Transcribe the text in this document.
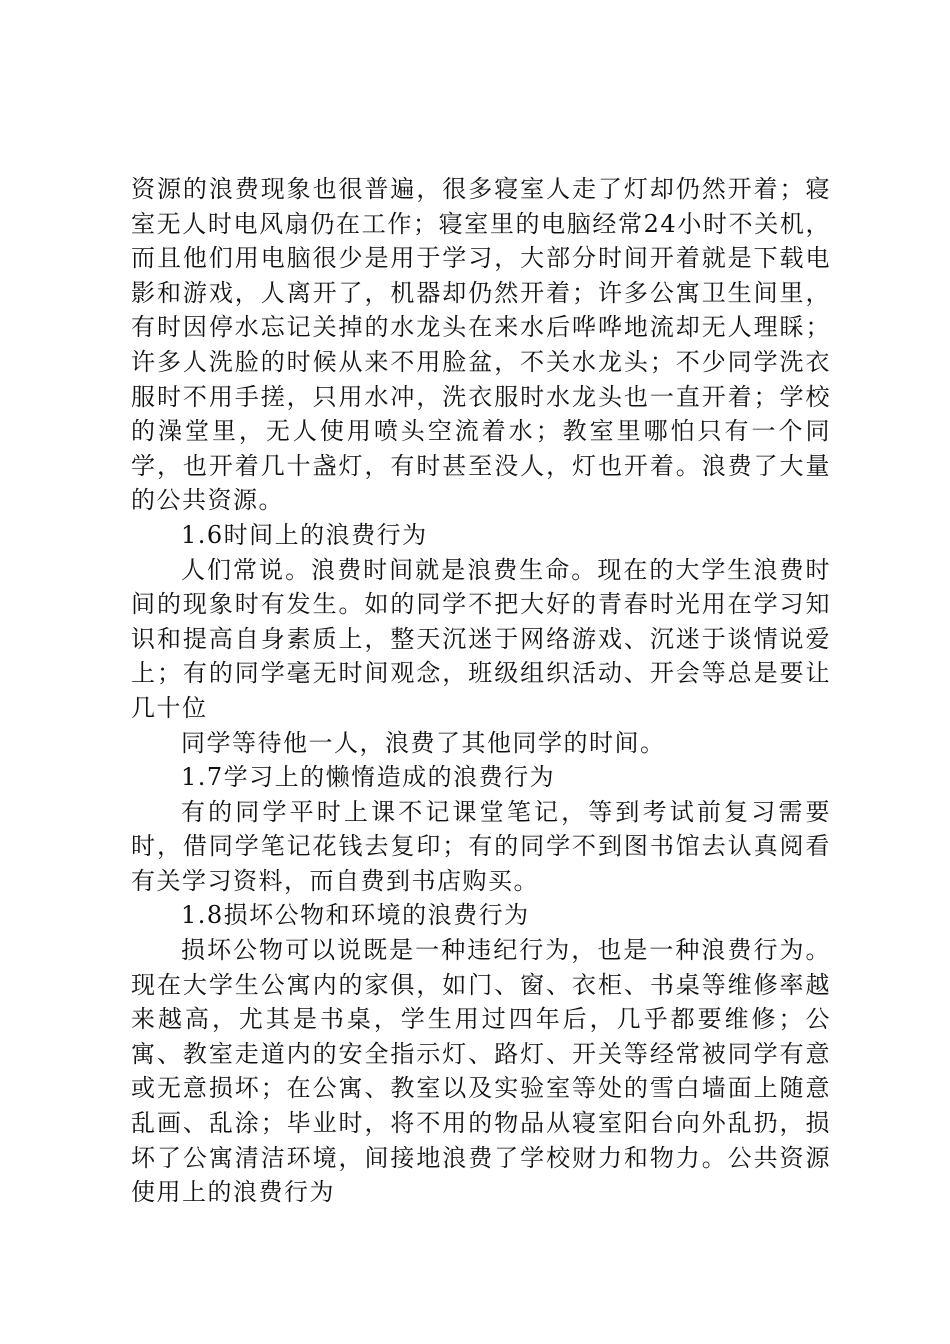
资源的浪费现象也很普遍，很多寝室人走了灯却仍然开着；寝室无人时电风扇仍在工作；寝室里的电脑经常24小时不关机，而且他们用电脑很少是用于学习，大部分时间开着就是下载电影和游戏，人离开了，机器却仍然开着；许多公寓卫生间里，有时因停水忘记关掉的水龙头在来水后哗哗地流却无人理睬；许多人洗脸的时候从来不用脸盆，不关水龙头；不少同学洗衣服时不用手搓，只用水冲，洗衣服时水龙头也一直开着；学校的澡堂里，无人使用喷头空流着水；教室里哪怕只有一个同学，也开着几十盏灯，有时甚至没人，灯也开着。浪费了大量的公共资源。

1.6时间上的浪费行为

人们常说。浪费时间就是浪费生命。现在的大学生浪费时间的现象时有发生。如的同学不把大好的青春时光用在学习知识和提高自身素质上，整天沉迷于网络游戏、沉迷于谈情说爱上；有的同学毫无时间观念，班级组织活动、开会等总是要让几十位

同学等待他一人，浪费了其他同学的时间。

1.7学习上的懒惰造成的浪费行为

有的同学平时上课不记课堂笔记，等到考试前复习需要时，借同学笔记花钱去复印；有的同学不到图书馆去认真阅看有关学习资料，而自费到书店购买。

1.8损坏公物和环境的浪费行为

损坏公物可以说既是一种违纪行为，也是一种浪费行为。现在大学生公寓内的家俱，如门、窗、衣柜、书桌等维修率越来越高，尤其是书桌，学生用过四年后，几乎都要维修；公寓、教室走道内的安全指示灯、路灯、开关等经常被同学有意或无意损坏；在公寓、教室以及实验室等处的雪白墙面上随意乱画、乱涂；毕业时，将不用的物品从寝室阳台向外乱扔，损坏了公寓清洁环境，间接地浪费了学校财力和物力。公共资源使用上的浪费行为
